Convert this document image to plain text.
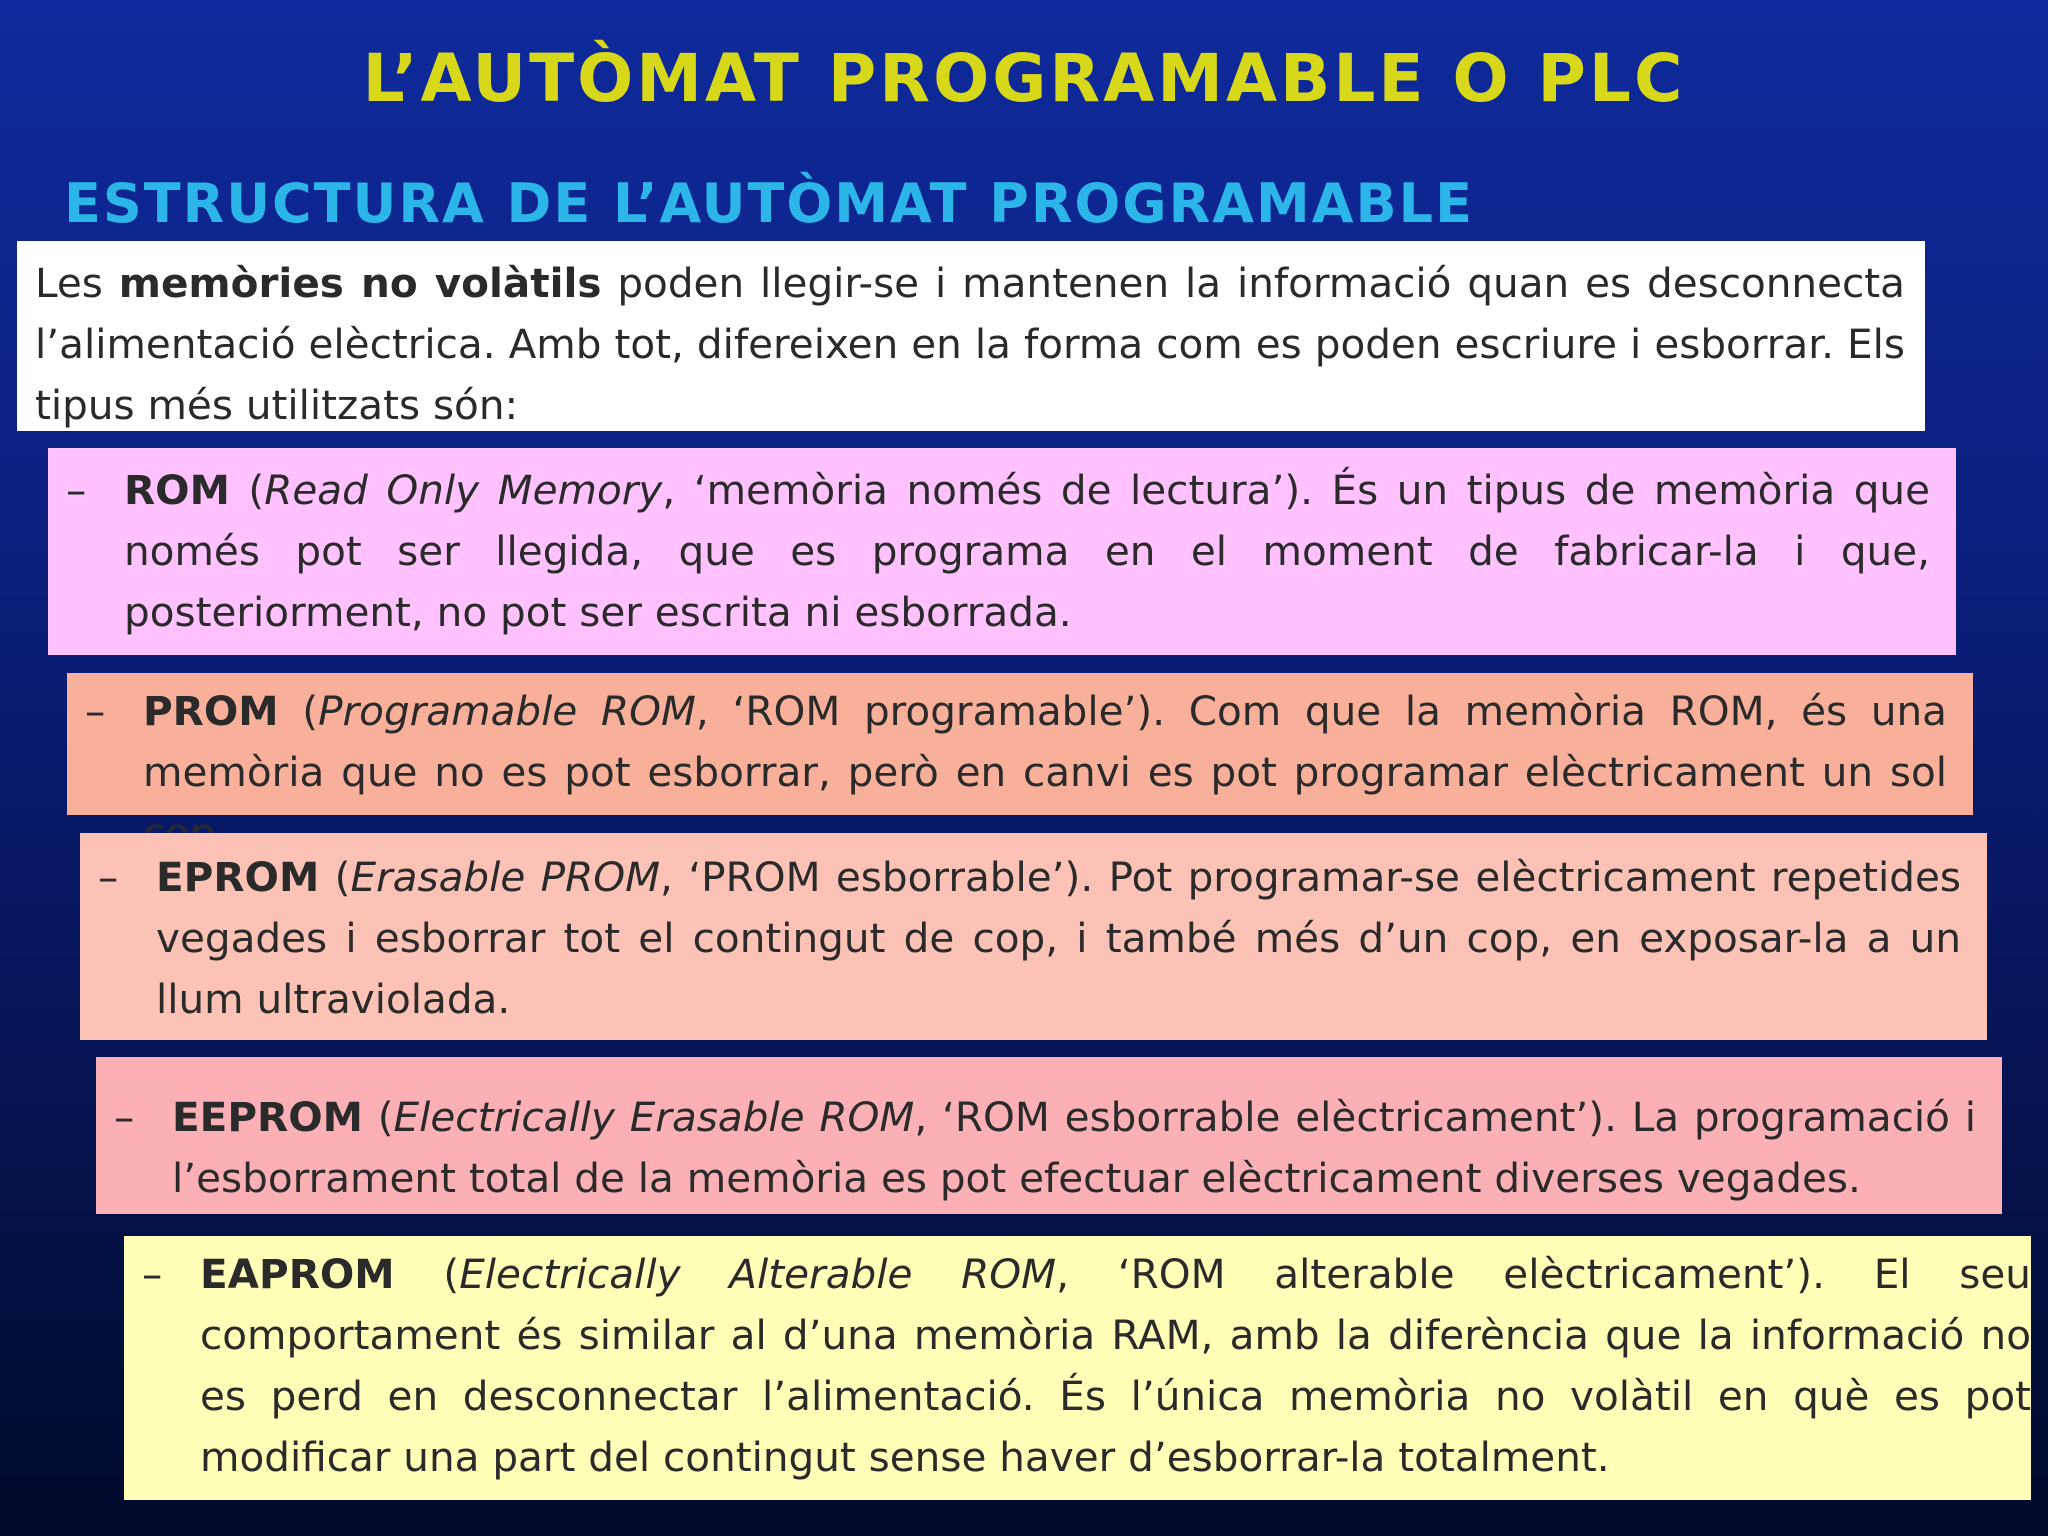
L’AUTÒMAT PROGRAMABLE O PLC
ESTRUCTURA DE L’AUTÒMAT PROGRAMABLE
Les memòries no volàtils poden llegir-se i mantenen la informació quan es desconnecta l’alimentació elèctrica. Amb tot, difereixen en la forma com es poden escriure i esborrar. Els tipus més utilitzats són:
– ROM (Read Only Memory, ‘memòria només de lectura’). És un tipus de memòria que només pot ser llegida, que es programa en el moment de fabricar-la i que, posteriorment, no pot ser escrita ni esborrada.
– PROM (Programable ROM, ‘ROM programable’). Com que la memòria ROM, és una memòria que no es pot esborrar, però en canvi es pot programar elèctricament un sol
– EPROM (Erasable PROM, ‘PROM esborrable’). Pot programar-se elèctricament repetides vegades i esborrar tot el contingut de cop, i també més d’un cop, en exposar-la a un llum ultraviolada.
– EEPROM (Electrically Erasable ROM, ‘ROM esborrable elèctricament’). La programació i l’esborrament total de la memòria es pot efectuar elèctricament diverses vegades.
– EAPROM (Electrically Alterable ROM, ‘ROM alterable elèctricament’). El seu comportament és similar al d’una memòria RAM, amb la diferència que la informació no es perd en desconnectar l’alimentació. És l’única memòria no volàtil en què es pot modificar una part del contingut sense haver d’esborrar-la totalment.
